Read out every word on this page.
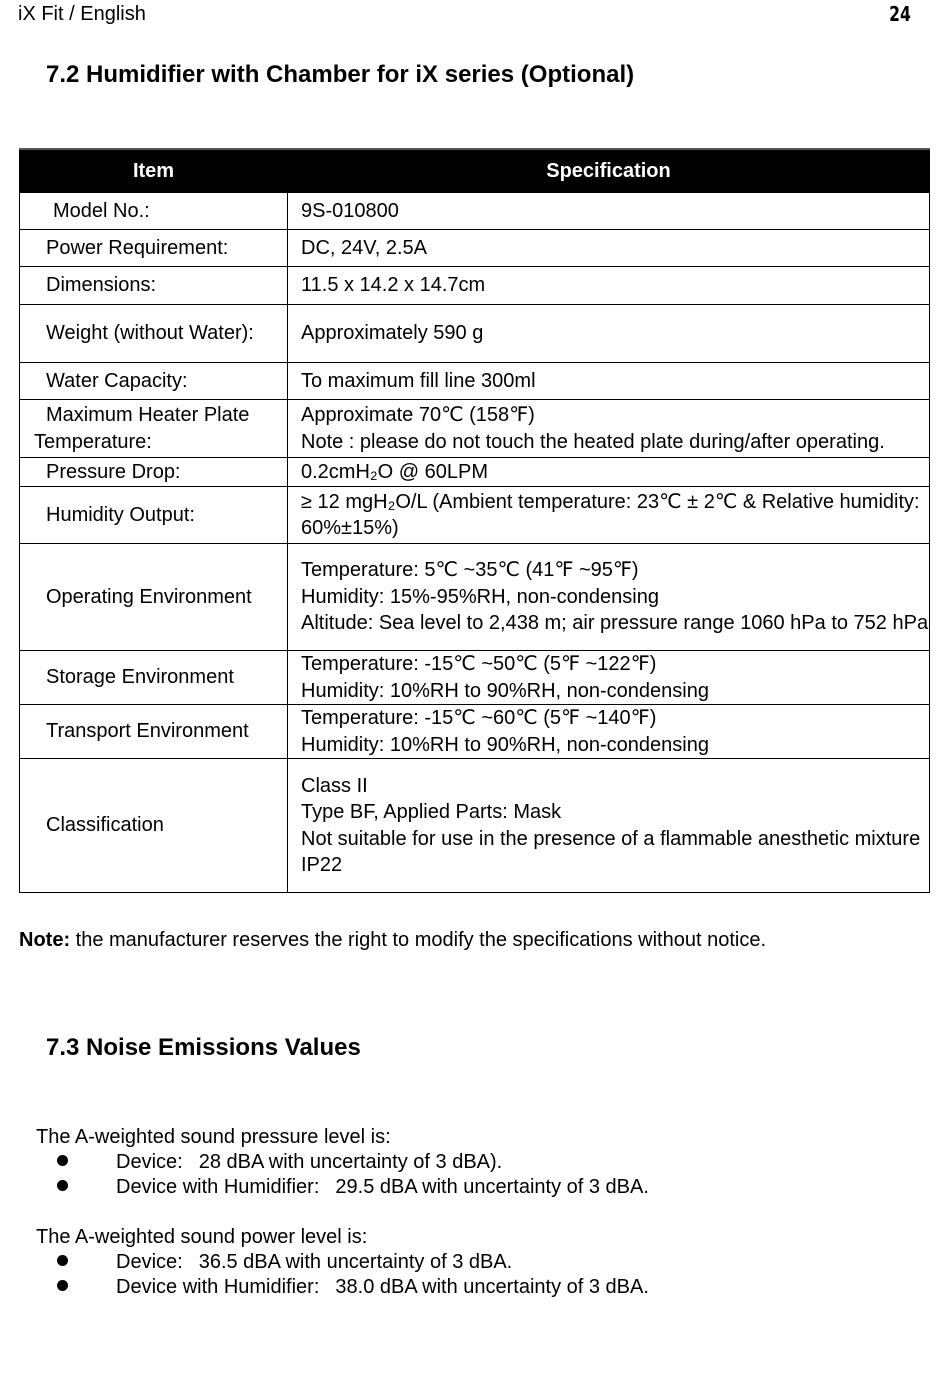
iX Fit / English	24
7.2 Humidifier with Chamber for iX series (Optional)
Item	Specification
Model No.:	9S-010800

Power Requirement:	DC, 24V, 2.5A

Dimensions:	11.5 x 14.2 x 14.7cm

Weight (without Water):	Approximately 590 g

Water Capacity:	To maximum fill line 300ml

Maximum Heater Plate Temperature:	Approximate 70℃ (158℉)
Note : please do not touch the heated plate during/after operating.

Pressure Drop:	0.2cmH₂O @ 60LPM

Humidity Output:	≥ 12 mgH₂O/L (Ambient temperature: 23℃ ± 2℃ & Relative humidity: 60%±15%)

Operating Environment	Temperature: 5℃ ~35℃ (41℉ ~95℉)
Humidity: 15%-95%RH, non-condensing
Altitude: Sea level to 2,438 m; air pressure range 1060 hPa to 752 hPa

Storage Environment	Temperature: -15℃ ~50℃ (5℉ ~122℉)
Humidity: 10%RH to 90%RH, non-condensing

Transport Environment	Temperature: -15℃ ~60℃ (5℉ ~140℉)
Humidity: 10%RH to 90%RH, non-condensing

Classification	Class II
Type BF, Applied Parts: Mask
Not suitable for use in the presence of a flammable anesthetic mixture
IP22
Note: the manufacturer reserves the right to modify the specifications without notice.
7.3 Noise Emissions Values
The A-weighted sound pressure level is:
Device: 28 dBA with uncertainty of 3 dBA).
Device with Humidifier: 29.5 dBA with uncertainty of 3 dBA.
The A-weighted sound power level is:
Device: 36.5 dBA with uncertainty of 3 dBA.
Device with Humidifier: 38.0 dBA with uncertainty of 3 dBA.
